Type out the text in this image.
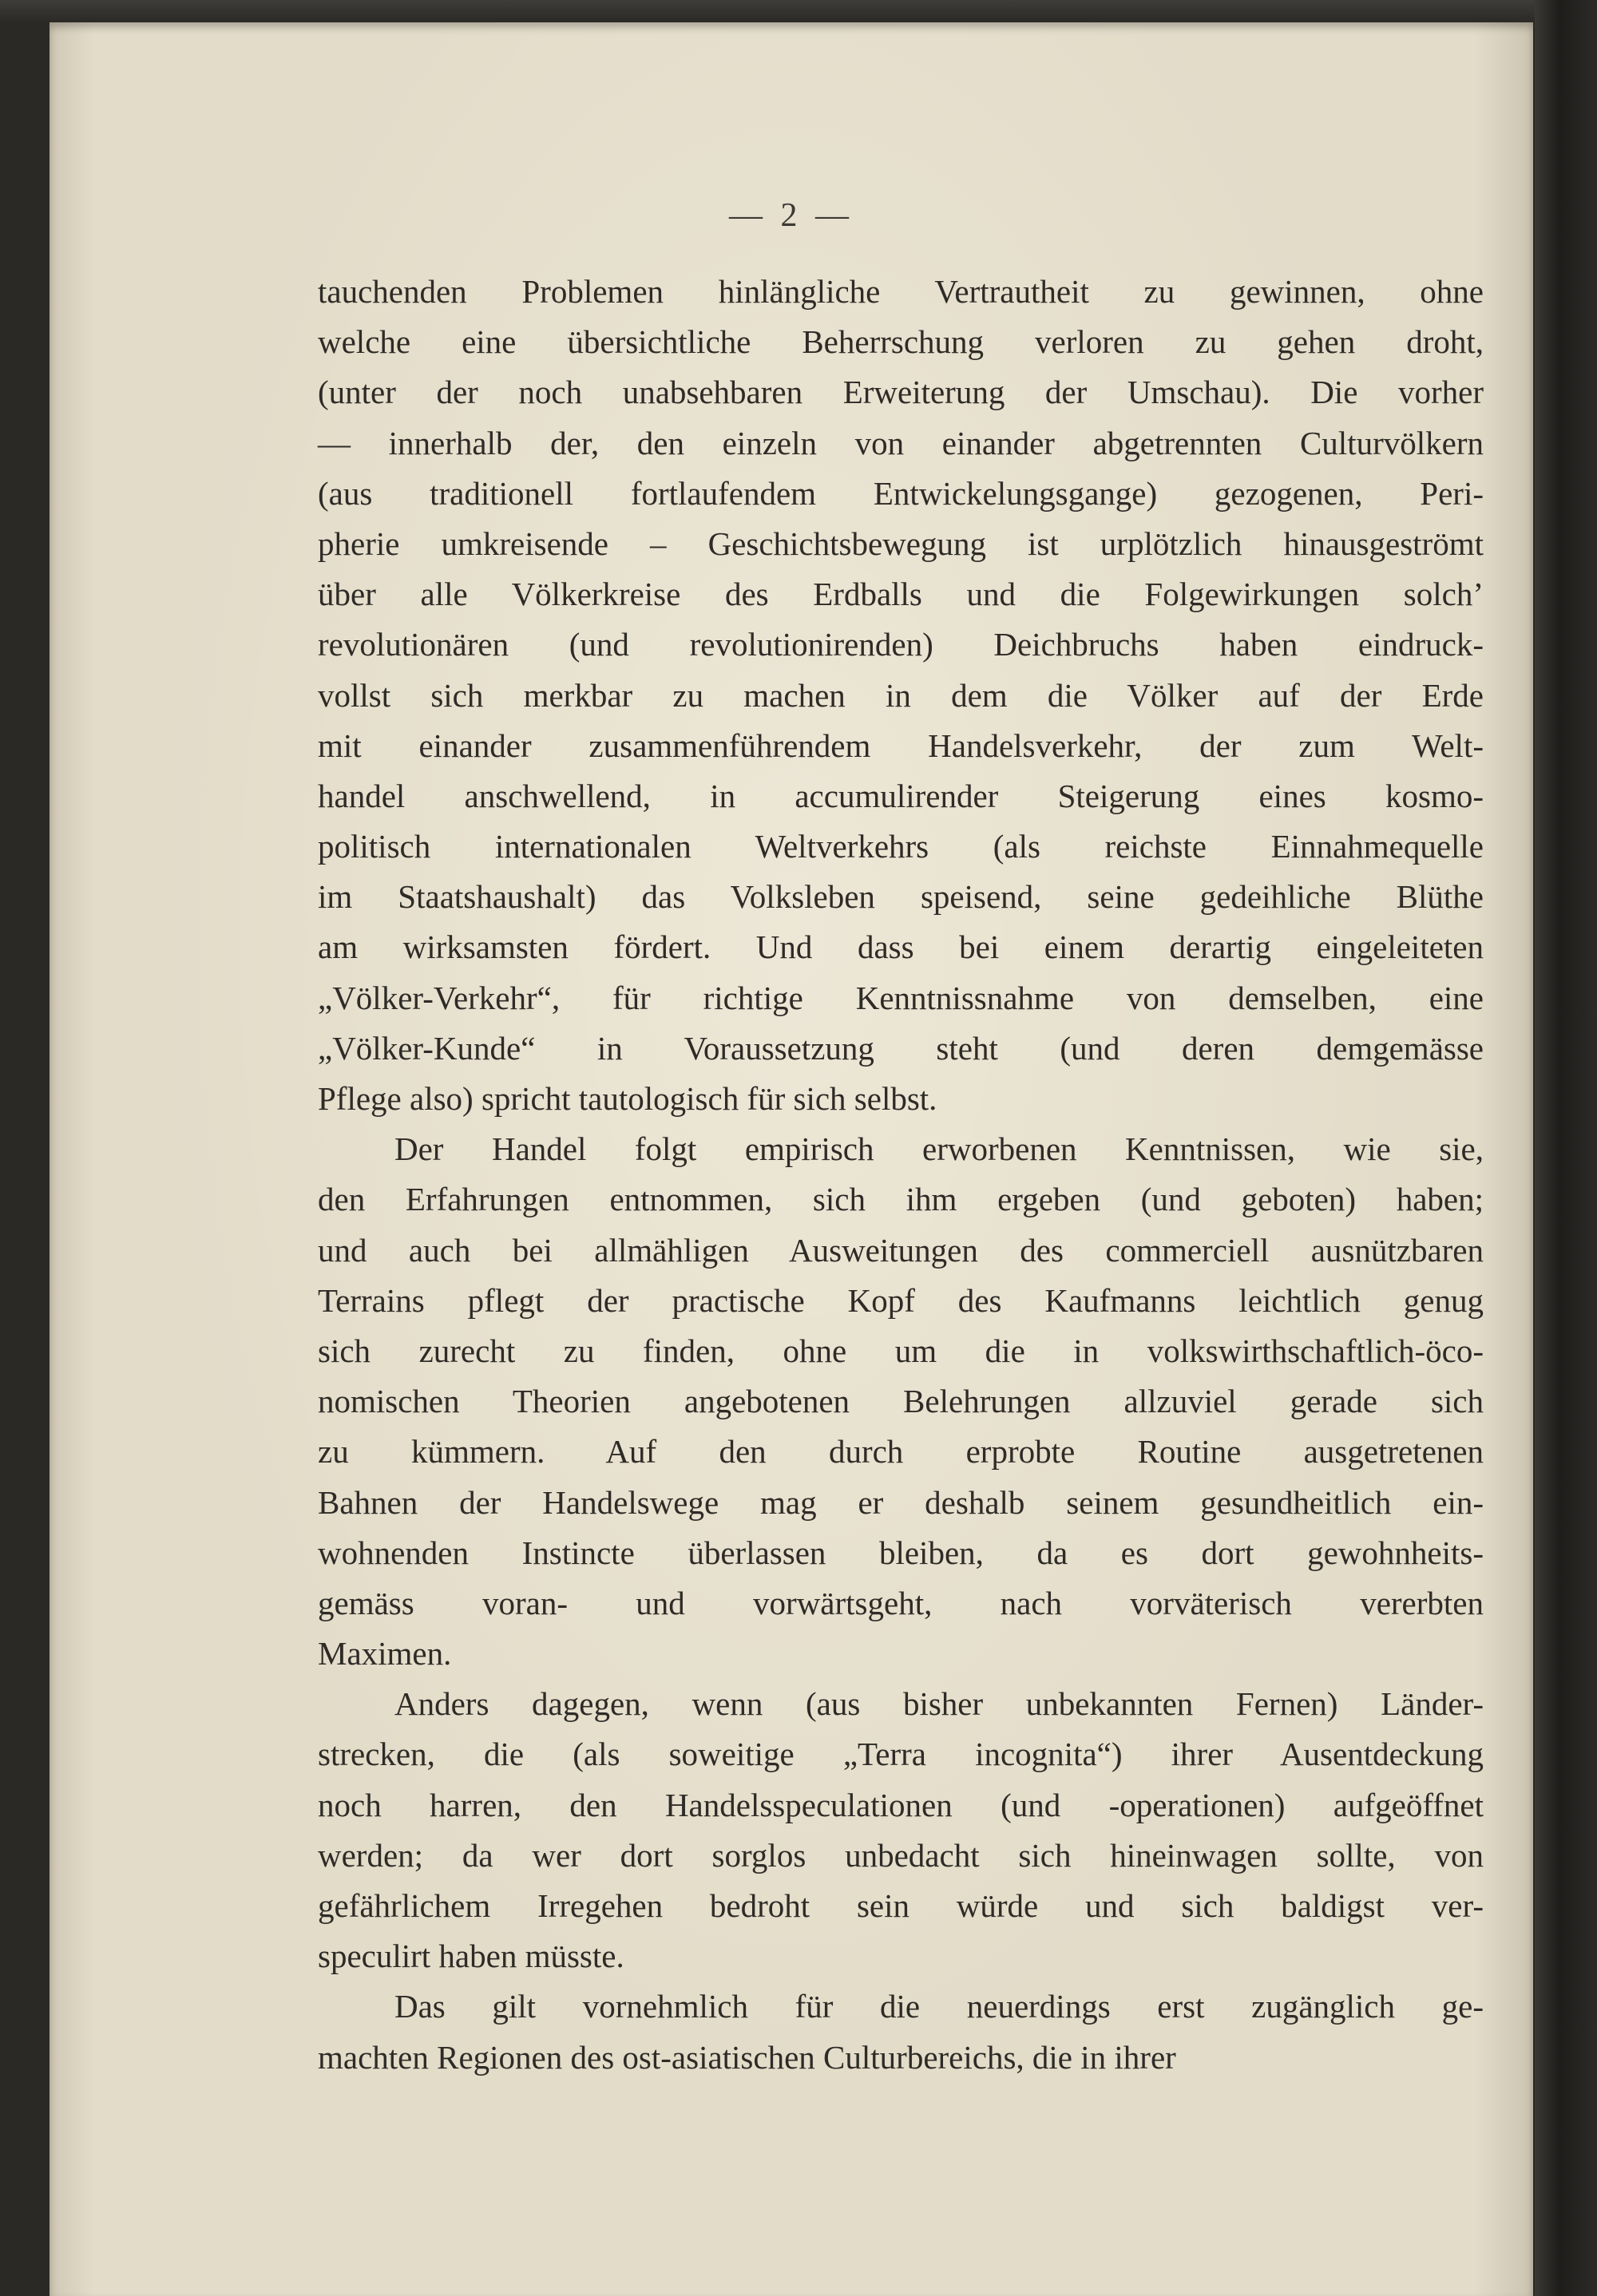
— 2 —
tauchenden Problemen hinlängliche Vertrautheit zu gewinnen, ohne
welche eine übersichtliche Beherrschung verloren zu gehen droht,
(unter der noch unabsehbaren Erweiterung der Umschau). Die vorher
— innerhalb der, den einzeln von einander abgetrennten Culturvölkern
(aus traditionell fortlaufendem Entwickelungsgange) gezogenen, Peri-
pherie umkreisende – Geschichtsbewegung ist urplötzlich hinausgeströmt
über alle Völkerkreise des Erdballs und die Folgewirkungen solch’
revolutionären (und revolutionirenden) Deichbruchs haben eindruck-
vollst sich merkbar zu machen in dem die Völker auf der Erde
mit einander zusammenführendem Handelsverkehr, der zum Welt-
handel anschwellend, in accumulirender Steigerung eines kosmo-
politisch internationalen Weltverkehrs (als reichste Einnahmequelle
im Staatshaushalt) das Volksleben speisend, seine gedeihliche Blüthe
am wirksamsten fördert. Und dass bei einem derartig eingeleiteten
„Völker-Verkehr“, für richtige Kenntnissnahme von demselben, eine
„Völker-Kunde“ in Voraussetzung steht (und deren demgemässe
Pflege also) spricht tautologisch für sich selbst.
Der Handel folgt empirisch erworbenen Kenntnissen, wie sie,
den Erfahrungen entnommen, sich ihm ergeben (und geboten) haben;
und auch bei allmähligen Ausweitungen des commerciell ausnützbaren
Terrains pflegt der practische Kopf des Kaufmanns leichtlich genug
sich zurecht zu finden, ohne um die in volkswirthschaftlich-öco-
nomischen Theorien angebotenen Belehrungen allzuviel gerade sich
zu kümmern. Auf den durch erprobte Routine ausgetretenen
Bahnen der Handelswege mag er deshalb seinem gesundheitlich ein-
wohnenden Instincte überlassen bleiben, da es dort gewohnheits-
gemäss voran- und vorwärtsgeht, nach vorväterisch vererbten
Maximen.
Anders dagegen, wenn (aus bisher unbekannten Fernen) Länder-
strecken, die (als soweitige „Terra incognita“) ihrer Ausentdeckung
noch harren, den Handelsspeculationen (und -operationen) aufgeöffnet
werden; da wer dort sorglos unbedacht sich hineinwagen sollte, von
gefährlichem Irregehen bedroht sein würde und sich baldigst ver-
speculirt haben müsste.
Das gilt vornehmlich für die neuerdings erst zugänglich ge-
machten Regionen des ost-asiatischen Culturbereichs, die in ihrer
